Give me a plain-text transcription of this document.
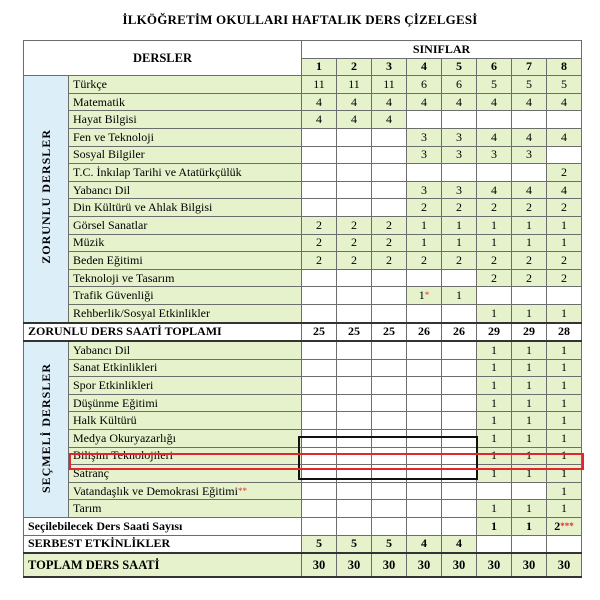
İLKÖĞRETİM OKULLARI HAFTALIK DERS ÇİZELGESİ
DERSLER		SINIFLAR							
		1	2	3	4	5	6	7	8
ZORUNLU DERSLER	Türkçe	11	11	11	6	6	5	5	5
	Matematik	4	4	4	4	4	4	4	4
	Hayat Bilgisi	4	4	4					
	Fen ve Teknoloji				3	3	4	4	4
	Sosyal Bilgiler				3	3	3	3	
	T.C. İnkılap Tarihi ve Atatürkçülük								2
	Yabancı Dil				3	3	4	4	4
	Din Kültürü ve Ahlak Bilgisi				2	2	2	2	2
	Görsel Sanatlar	2	2	2	1	1	1	1	1
	Müzik	2	2	2	1	1	1	1	1
	Beden Eğitimi	2	2	2	2	2	2	2	2
	Teknoloji ve Tasarım						2	2	2
	Trafik Güvenliği				1*	1			
	Rehberlik/Sosyal Etkinlikler						1	1	1
ZORUNLU DERS SAATİ TOPLAMI		25	25	25	26	26	29	29	28
SEÇMELİ DERSLER	Yabancı Dil						1	1	1
	Sanat Etkinlikleri						1	1	1
	Spor Etkinlikleri						1	1	1
	Düşünme Eğitimi						1	1	1
	Halk Kültürü						1	1	1
	Medya Okuryazarlığı						1	1	1
	Bilişim Teknolojileri						1	1	1
	Satranç						1	1	1
	Vatandaşlık ve Demokrasi Eğitimi**								1
	Tarım						1	1	1
Seçilebilecek Ders Saati Sayısı							1	1	2***
SERBEST ETKİNLİKLER		5	5	5	4	4			
TOPLAM DERS SAATİ		30	30	30	30	30	30	30	30
